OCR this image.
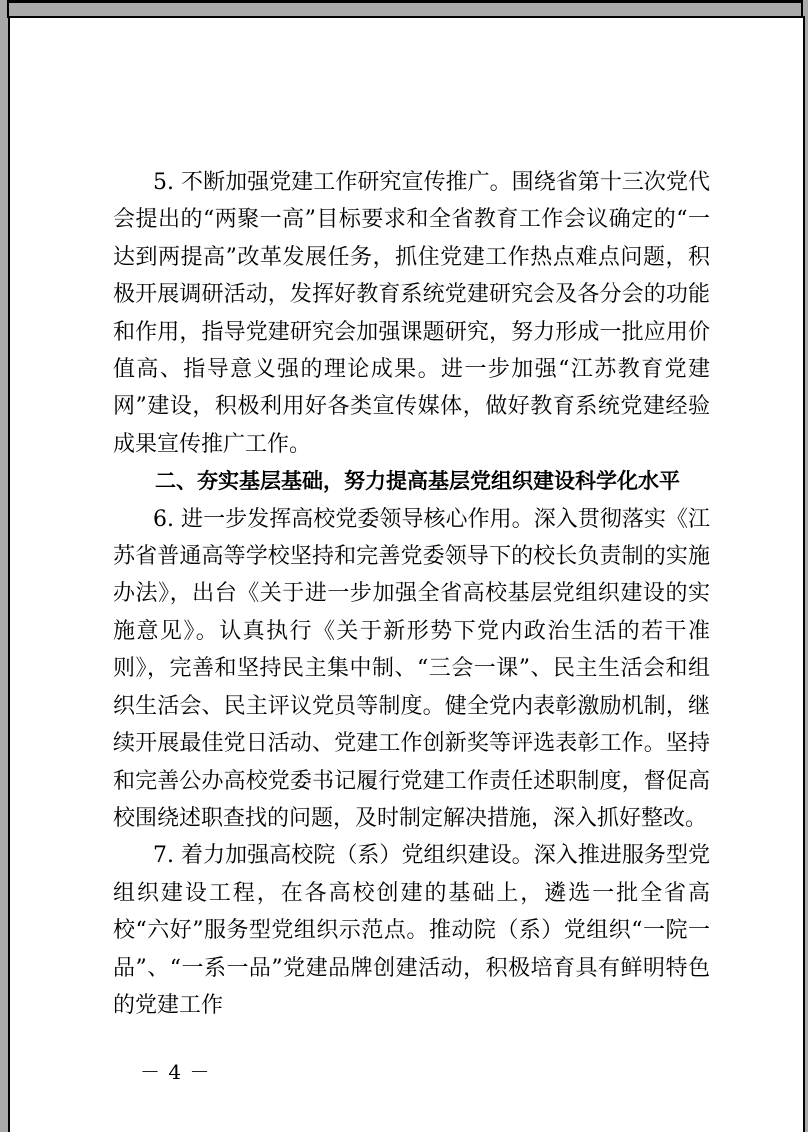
5. 不断加强党建工作研究宣传推广。围绕省第十三次党代会提出的“两聚一高”目标要求和全省教育工作会议确定的“一达到两提高”改革发展任务，抓住党建工作热点难点问题，积极开展调研活动，发挥好教育系统党建研究会及各分会的功能和作用，指导党建研究会加强课题研究，努力形成一批应用价值高、指导意义强的理论成果。进一步加强“江苏教育党建网”建设，积极利用好各类宣传媒体，做好教育系统党建经验成果宣传推广工作。

二、夯实基层基础，努力提高基层党组织建设科学化水平

6. 进一步发挥高校党委领导核心作用。深入贯彻落实《江苏省普通高等学校坚持和完善党委领导下的校长负责制的实施办法》，出台《关于进一步加强全省高校基层党组织建设的实施意见》。认真执行《关于新形势下党内政治生活的若干准则》，完善和坚持民主集中制、“三会一课”、民主生活会和组织生活会、民主评议党员等制度。健全党内表彰激励机制，继续开展最佳党日活动、党建工作创新奖等评选表彰工作。坚持和完善公办高校党委书记履行党建工作责任述职制度，督促高校围绕述职查找的问题，及时制定解决措施，深入抓好整改。

7. 着力加强高校院（系）党组织建设。深入推进服务型党组织建设工程，在各高校创建的基础上，遴选一批全省高校“六好”服务型党组织示范点。推动院（系）党组织“一院一品”、“一系一品”党建品牌创建活动，积极培育具有鲜明特色的党建工作

－ 4 －
